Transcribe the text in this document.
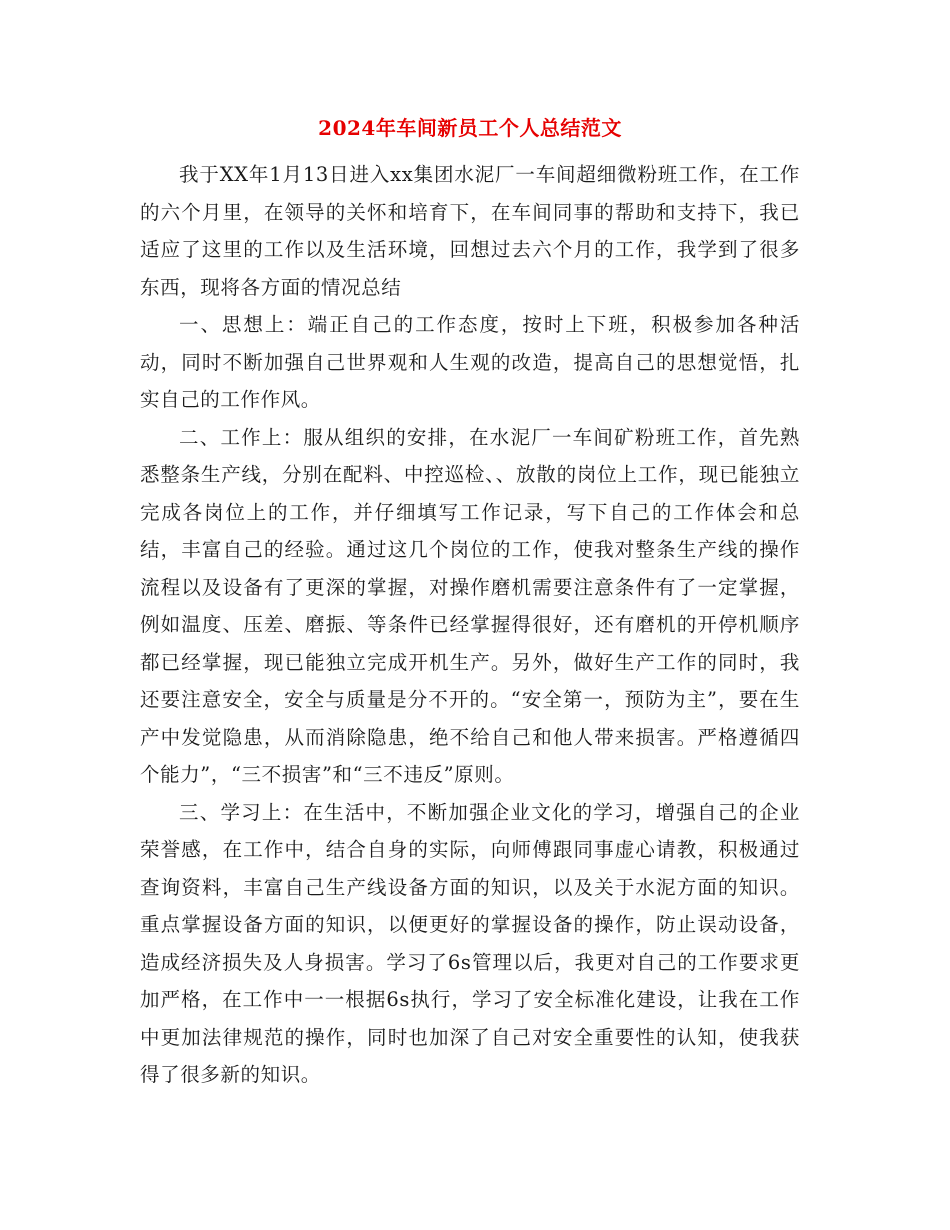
2024年车间新员工个人总结范文

我于XX年1月13日进入xx集团水泥厂一车间超细微粉班工作，在工作的六个月里，在领导的关怀和培育下，在车间同事的帮助和支持下，我已适应了这里的工作以及生活环境，回想过去六个月的工作，我学到了很多东西，现将各方面的情况总结

一、思想上：端正自己的工作态度，按时上下班，积极参加各种活动，同时不断加强自己世界观和人生观的改造，提高自己的思想觉悟，扎实自己的工作作风。

二、工作上：服从组织的安排，在水泥厂一车间矿粉班工作，首先熟悉整条生产线，分别在配料、中控巡检、、放散的岗位上工作，现已能独立完成各岗位上的工作，并仔细填写工作记录，写下自己的工作体会和总结，丰富自己的经验。通过这几个岗位的工作，使我对整条生产线的操作流程以及设备有了更深的掌握，对操作磨机需要注意条件有了一定掌握，例如温度、压差、磨振、等条件已经掌握得很好，还有磨机的开停机顺序都已经掌握，现已能独立完成开机生产。另外，做好生产工作的同时，我还要注意安全，安全与质量是分不开的。“安全第一，预防为主”，要在生产中发觉隐患，从而消除隐患，绝不给自己和他人带来损害。严格遵循四个能力”，“三不损害”和“三不违反”原则。

三、学习上：在生活中，不断加强企业文化的学习，增强自己的企业荣誉感，在工作中，结合自身的实际，向师傅跟同事虚心请教，积极通过查询资料，丰富自己生产线设备方面的知识，以及关于水泥方面的知识。重点掌握设备方面的知识，以便更好的掌握设备的操作，防止误动设备，造成经济损失及人身损害。学习了6s管理以后，我更对自己的工作要求更加严格，在工作中一一根据6s执行，学习了安全标准化建设，让我在工作中更加法律规范的操作，同时也加深了自己对安全重要性的认知，使我获得了很多新的知识。
